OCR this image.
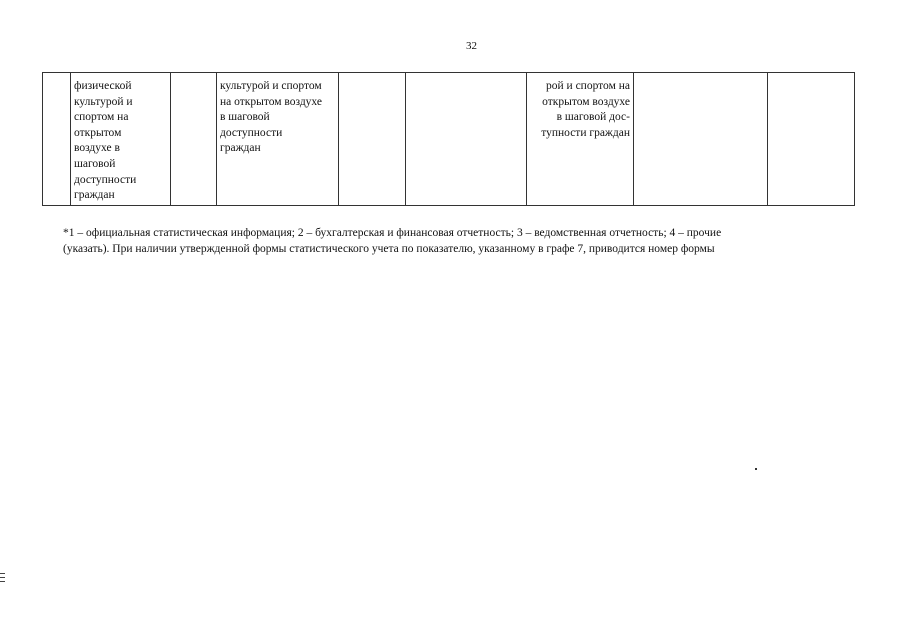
32
	физической
культурой и
спортом на
открытом
воздухе в
шаговой
доступности
граждан		культурой и спортом
на открытом воздухе
в шаговой
доступности
граждан			рой и спортом на
открытом воздухе
в шаговой дос-
тупности граждан		
*1 – официальная статистическая информация; 2 – бухгалтерская и финансовая отчетность; 3 – ведомственная отчетность; 4 – прочие
(указать). При наличии утвержденной формы статистического учета по показателю, указанному в графе 7, приводится номер формы
